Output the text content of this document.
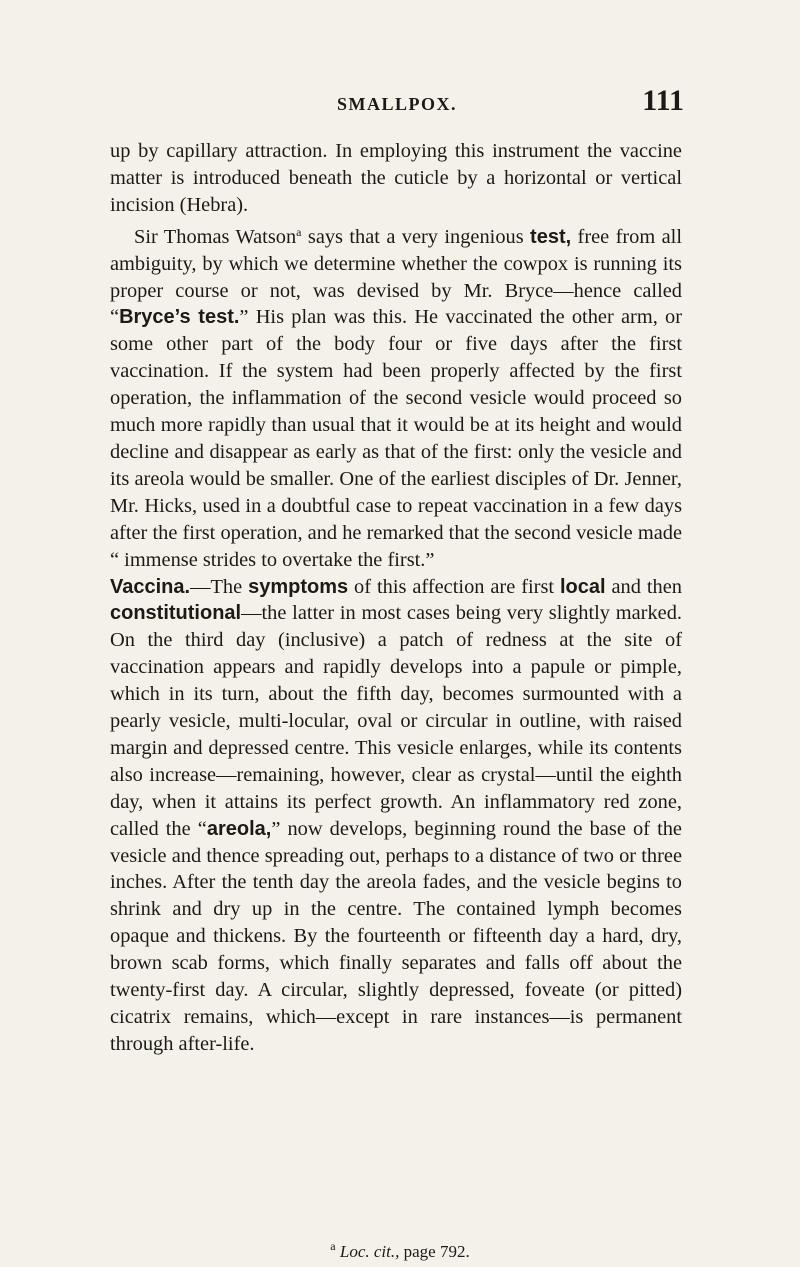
SMALLPOX.	111

up by capillary attraction. In employing this instrument the vaccine matter is introduced beneath the cuticle by a horizontal or vertical incision (Hebra).

Sir Thomas Watson$^a$ says that a very ingenious test, free from all ambiguity, by which we determine whether the cowpox is running its proper course or not, was devised by Mr. Bryce—hence called “Bryce’s test.” His plan was this. He vaccinated the other arm, or some other part of the body four or five days after the first vaccination. If the system had been properly affected by the first operation, the inflammation of the second vesicle would proceed so much more rapidly than usual that it would be at its height and would decline and disappear as early as that of the first: only the vesicle and its areola would be smaller. One of the earliest disciples of Dr. Jenner, Mr. Hicks, used in a doubtful case to repeat vaccination in a few days after the first operation, and he remarked that the second vesicle made “ immense strides to overtake the first.”

Vaccina.—The symptoms of this affection are first local and then constitutional—the latter in most cases being very slightly marked. On the third day (inclusive) a patch of redness at the site of vaccination appears and rapidly develops into a papule or pimple, which in its turn, about the fifth day, becomes surmounted with a pearly vesicle, multi-locular, oval or circular in outline, with raised margin and depressed centre. This vesicle enlarges, while its contents also increase—remaining, however, clear as crystal—until the eighth day, when it attains its perfect growth. An inflammatory red zone, called the “areola,” now develops, beginning round the base of the vesicle and thence spreading out, perhaps to a distance of two or three inches. After the tenth day the areola fades, and the vesicle begins to shrink and dry up in the centre. The contained lymph becomes opaque and thickens. By the fourteenth or fifteenth day a hard, dry, brown scab forms, which finally separates and falls off about the twenty-first day. A circular, slightly depressed, foveate (or pitted) cicatrix remains, which—except in rare instances—is permanent through after-life.

$^a$ Loc. cit., page 792.
